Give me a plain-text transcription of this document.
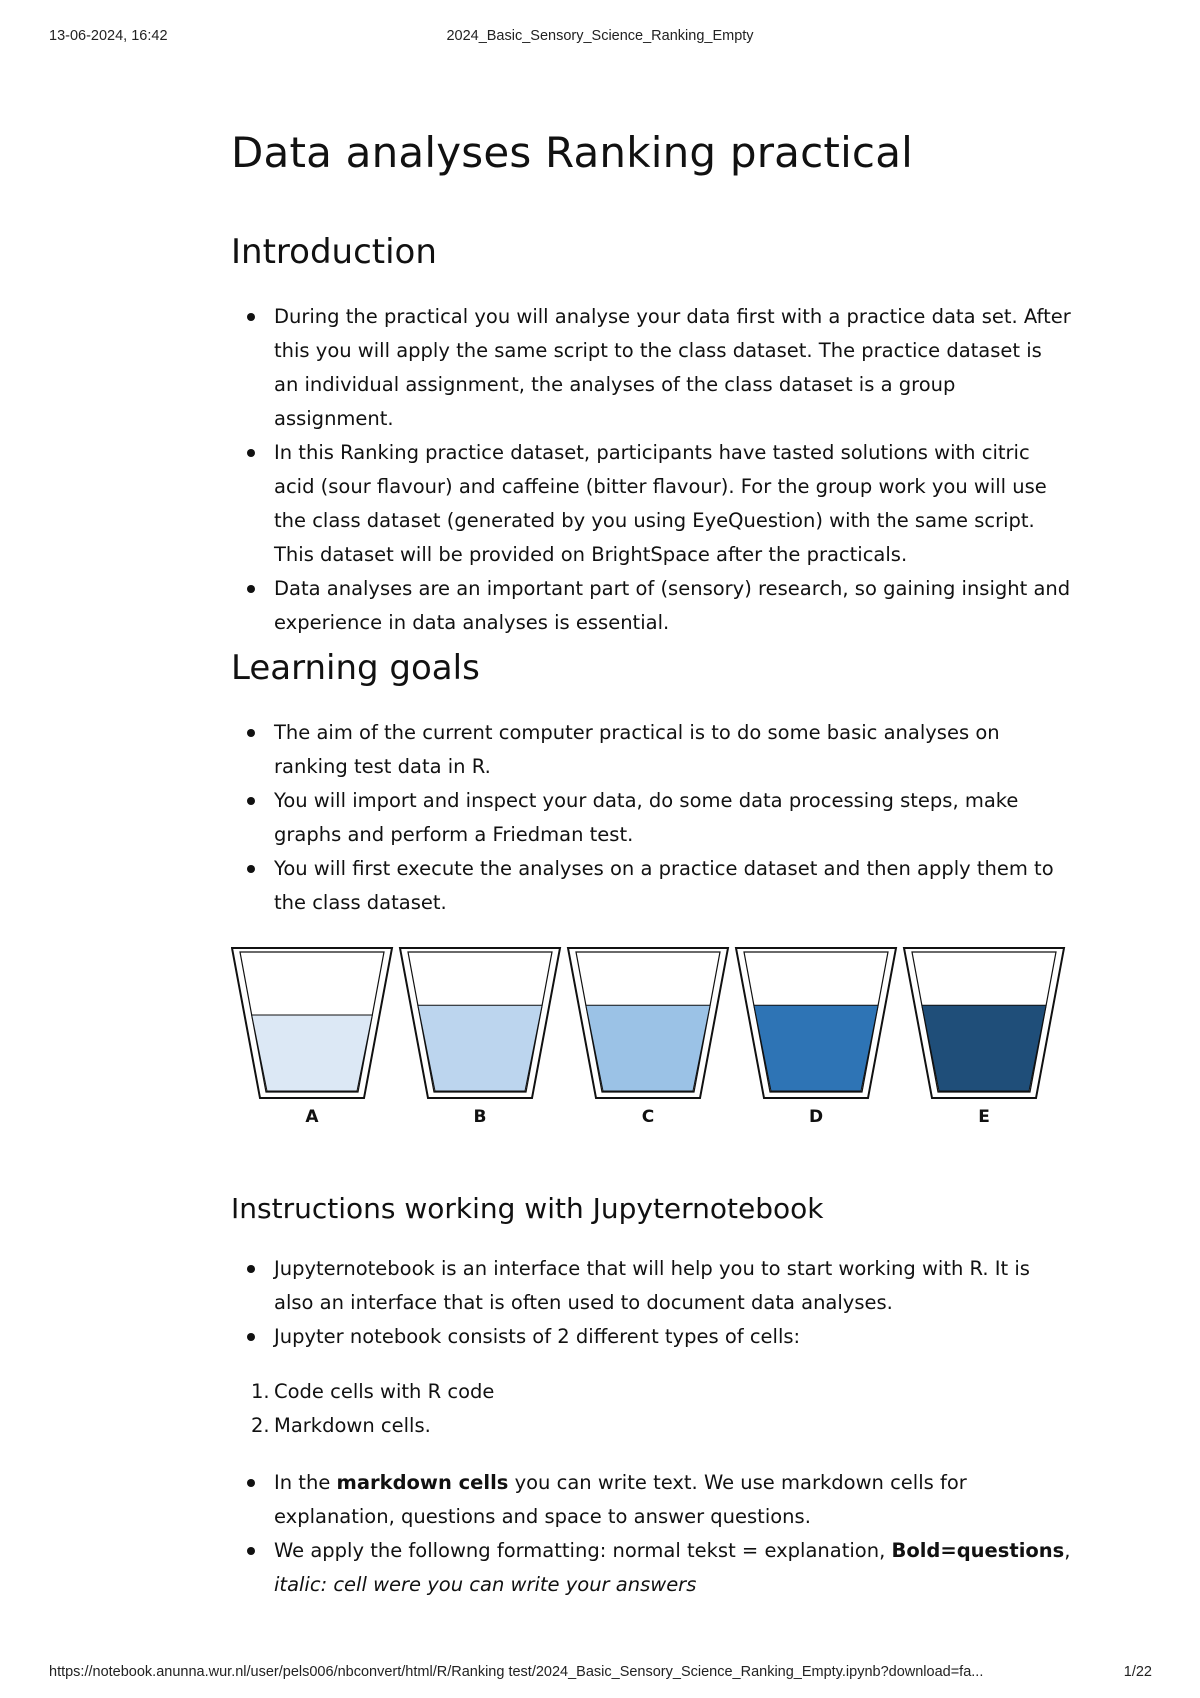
13-06-2024, 16:42	2024_Basic_Sensory_Science_Ranking_Empty
Data analyses Ranking practical
Introduction
During the practical you will analyse your data first with a practice data set. After this you will apply the same script to the class dataset. The practice dataset is an individual assignment, the analyses of the class dataset is a group assignment.
In this Ranking practice dataset, participants have tasted solutions with citric acid (sour flavour) and caffeine (bitter flavour). For the group work you will use the class dataset (generated by you using EyeQuestion) with the same script. This dataset will be provided on BrightSpace after the practicals.
Data analyses are an important part of (sensory) research, so gaining insight and experience in data analyses is essential.
Learning goals
The aim of the current computer practical is to do some basic analyses on ranking test data in R.
You will import and inspect your data, do some data processing steps, make graphs and perform a Friedman test.
You will first execute the analyses on a practice dataset and then apply them to the class dataset.
A	B	C	D	E
Instructions working with Jupyternotebook
Jupyternotebook is an interface that will help you to start working with R. It is also an interface that is often used to document data analyses.
Jupyter notebook consists of 2 different types of cells:
1. Code cells with R code
2. Markdown cells.
In the markdown cells you can write text. We use markdown cells for explanation, questions and space to answer questions.
We apply the followng formatting: normal tekst = explanation, Bold=questions,
italic: cell were you can write your answers
https://notebook.anunna.wur.nl/user/pels006/nbconvert/html/R/Ranking test/2024_Basic_Sensory_Science_Ranking_Empty.ipynb?download=fa...	1/22
